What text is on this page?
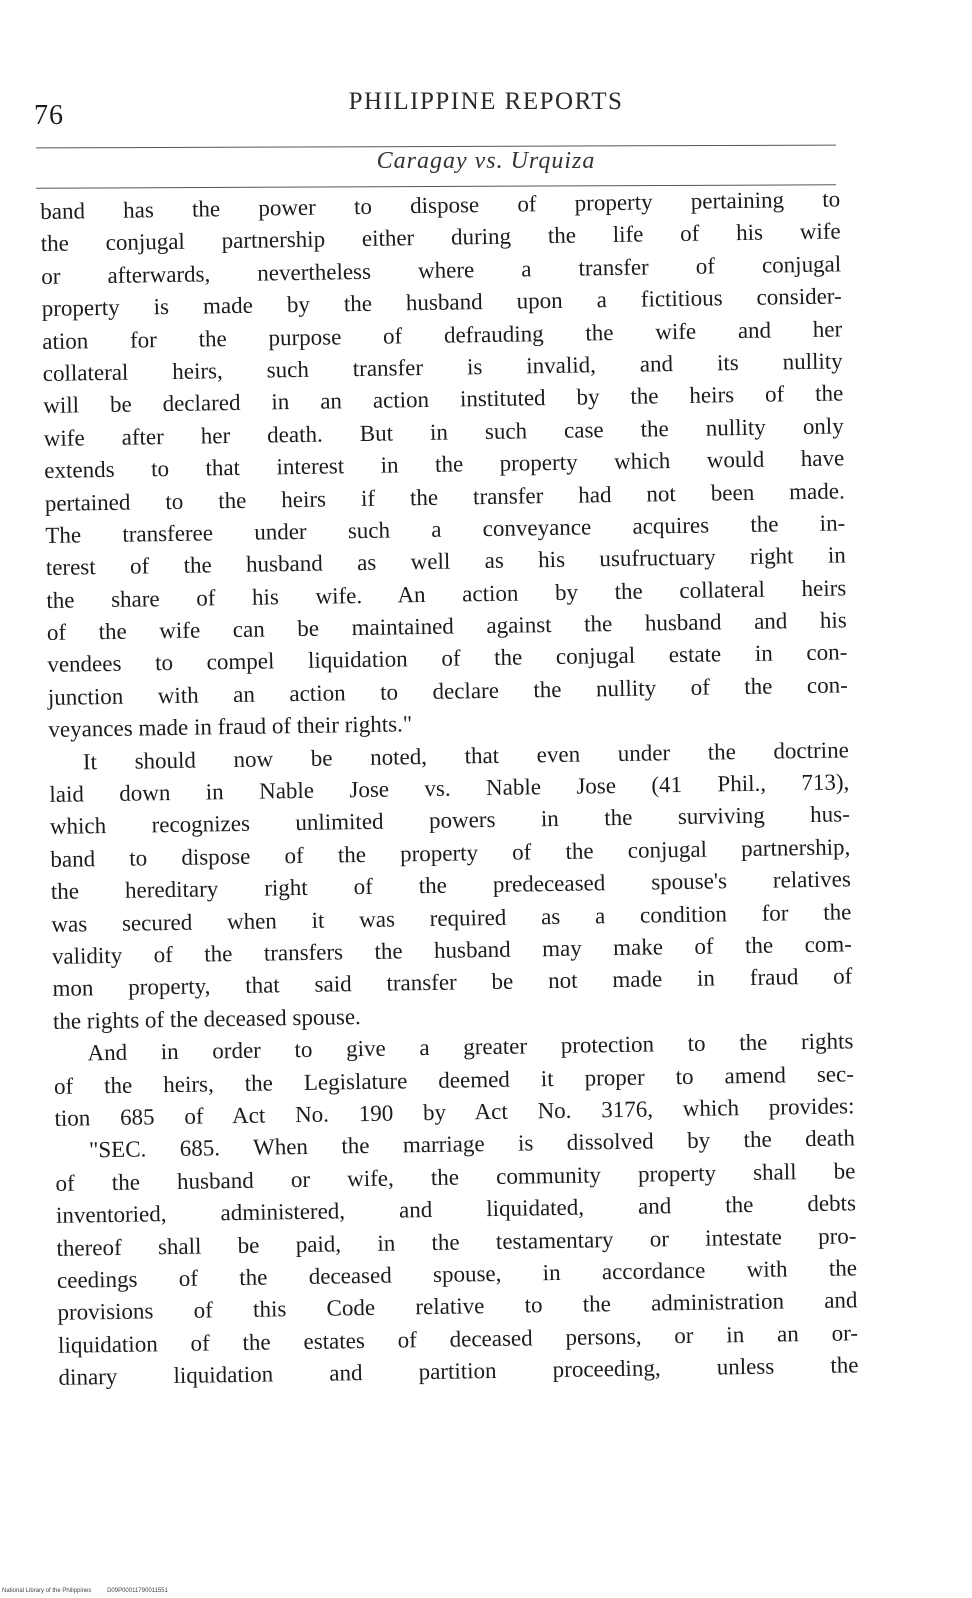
76	PHILIPPINE REPORTS
Caragay vs. Urquiza
band has the power to dispose of property pertaining to
the conjugal partnership either during the life of his wife
or afterwards, nevertheless where a transfer of conjugal
property is made by the husband upon a fictitious consider-
ation for the purpose of defrauding the wife and her
collateral heirs, such transfer is invalid, and its nullity
will be declared in an action instituted by the heirs of the
wife after her death. But in such case the nullity only
extends to that interest in the property which would have
pertained to the heirs if the transfer had not been made.
The transferee under such a conveyance acquires the in-
terest of the husband as well as his usufructuary right in
the share of his wife. An action by the collateral heirs
of the wife can be maintained against the husband and his
vendees to compel liquidation of the conjugal estate in con-
junction with an action to declare the nullity of the con-
veyances made in fraud of their rights."
It should now be noted, that even under the doctrine
laid down in Nable Jose vs. Nable Jose (41 Phil., 713),
which recognizes unlimited powers in the surviving hus-
band to dispose of the property of the conjugal partnership,
the hereditary right of the predeceased spouse's relatives
was secured when it was required as a condition for the
validity of the transfers the husband may make of the com-
mon property, that said transfer be not made in fraud of
the rights of the deceased spouse.
And in order to give a greater protection to the rights
of the heirs, the Legislature deemed it proper to amend sec-
tion 685 of Act No. 190 by Act No. 3176, which provides:
"SEC. 685. When the marriage is dissolved by the death
of the husband or wife, the community property shall be
inventoried, administered, and liquidated, and the debts
thereof shall be paid, in the testamentary or intestate pro-
ceedings of the deceased spouse, in accordance with the
provisions of this Code relative to the administration and
liquidation of the estates of deceased persons, or in an or-
dinary liquidation and partition proceeding, unless the
National Library of the Philippines	D09P00011790011551
